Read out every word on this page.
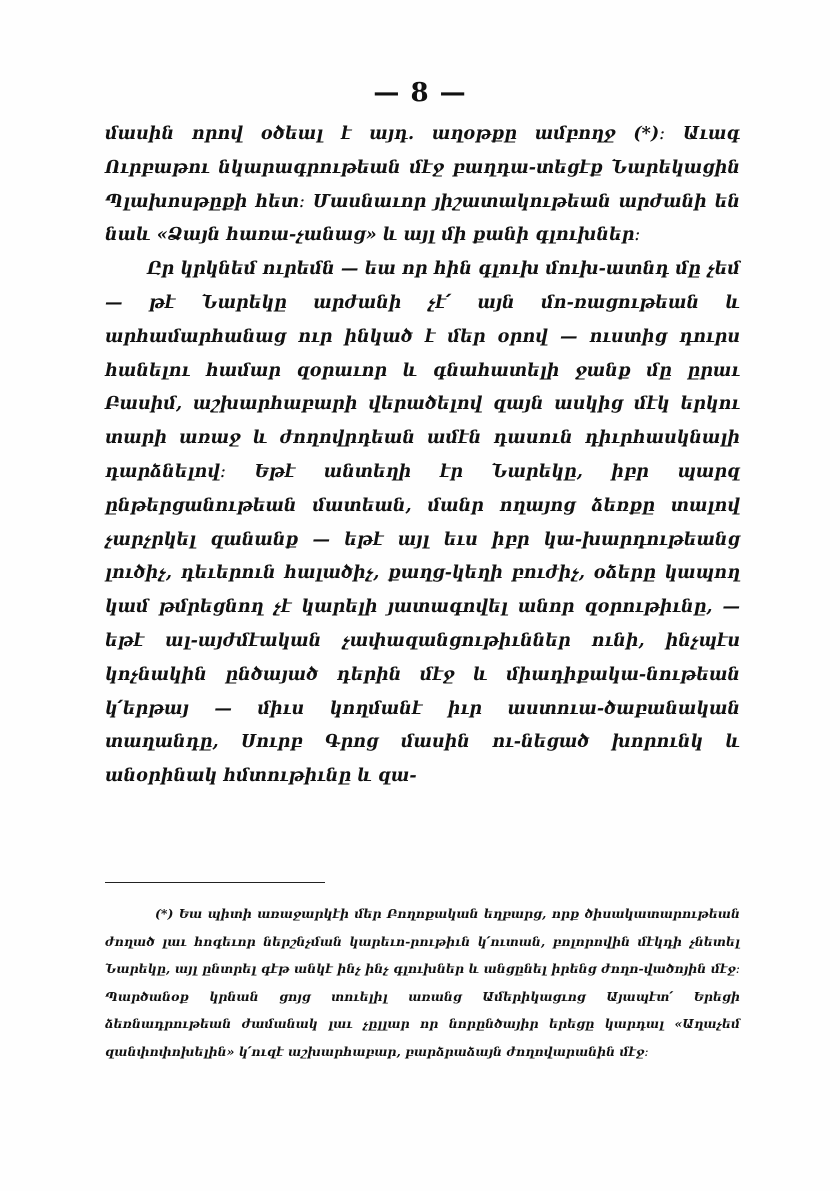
— 8 —

մասին որով օծեալ է այդ. աղօթքը ամբողջ (*)։ Աւագ Ուրբաթու նկարագրութեան մէջ բաղդա-տեցէք Նարեկացին Պլախոսթըքի հետ։ Մասնաւոր յիշատակութեան արժանի են նաև «Ձայն հառա-չանաց» և այլ մի քանի գլուխներ։

Ըր կրկնեմ ուրեմն — եա որ հին գլուխ մուխ-ատնդ մը չեմ — թէ Նարեկը արժանի չէ՛ այն մո-ռացութեան և արհամարհանաց ուր ինկած է մեր օրով — ուստից դուրս հանելու համար զօրաւոր և գնահատելի ջանք մը ըրաւ Բասիմ, աշխարհաբարի վերածելով զայն ասկից մէկ երկու տարի առաջ և ժողովրդեան ամէն դասուն դիւրհասկնալի դարձնելով։ Եթէ անտեղի էր Նարեկը, իբր պարզ ընթերցանութեան մատեան, մանր ողայոց ձեռքը տալով չարչրկել զանանք — եթէ այլ եւս իբր կա-խարդութեանց լուծիչ, դեւերուն հալածիչ, քաղց-կեղի բուժիչ, օձերը կապող կամ թմրեցնող չէ կարելի յատագովել անոր զօրութիւնը, — եթէ ալ-այժմէական չափազանցութիւններ ունի, ինչպէս կոչնակին ընծայած դերին մէջ և միադիքակա-նութեան կ՛երթայ — միւս կողմանէ իւր աստուա-ծաբանական տաղանդը, Սուրբ Գրոց մասին ու-նեցած խորունկ և անօրինակ հմտութիւնը և զա-

(*) Եա պիտի առաջարկէի մեր Բողոքական եղբարց, որք ծիսակատարութեան ժողած լաւ հոգեւոր ներշնչման կարեւո-րութիւն կ՛ուտան, բոլորովին մէկդի չնետել Նարեկը, այլ ընտրել գէթ անկէ ինչ ինչ գլուխներ և անցընել իրենց ժողո-վածոյին մէջ։ Պարծանօք կրնան ցոյց տուելիլ առանց Ամերիկացւոց Այապէտ՛ Երեցի ձեռնադրութեան ժամանակ լաւ չըլլար որ նորընծայիր երեցը կարդալ «Աղաչեմ զանփոփոխելին» կ՛ուզէ աշխարհաբար, բարձրաձայն ժողովարանին մէջ։
